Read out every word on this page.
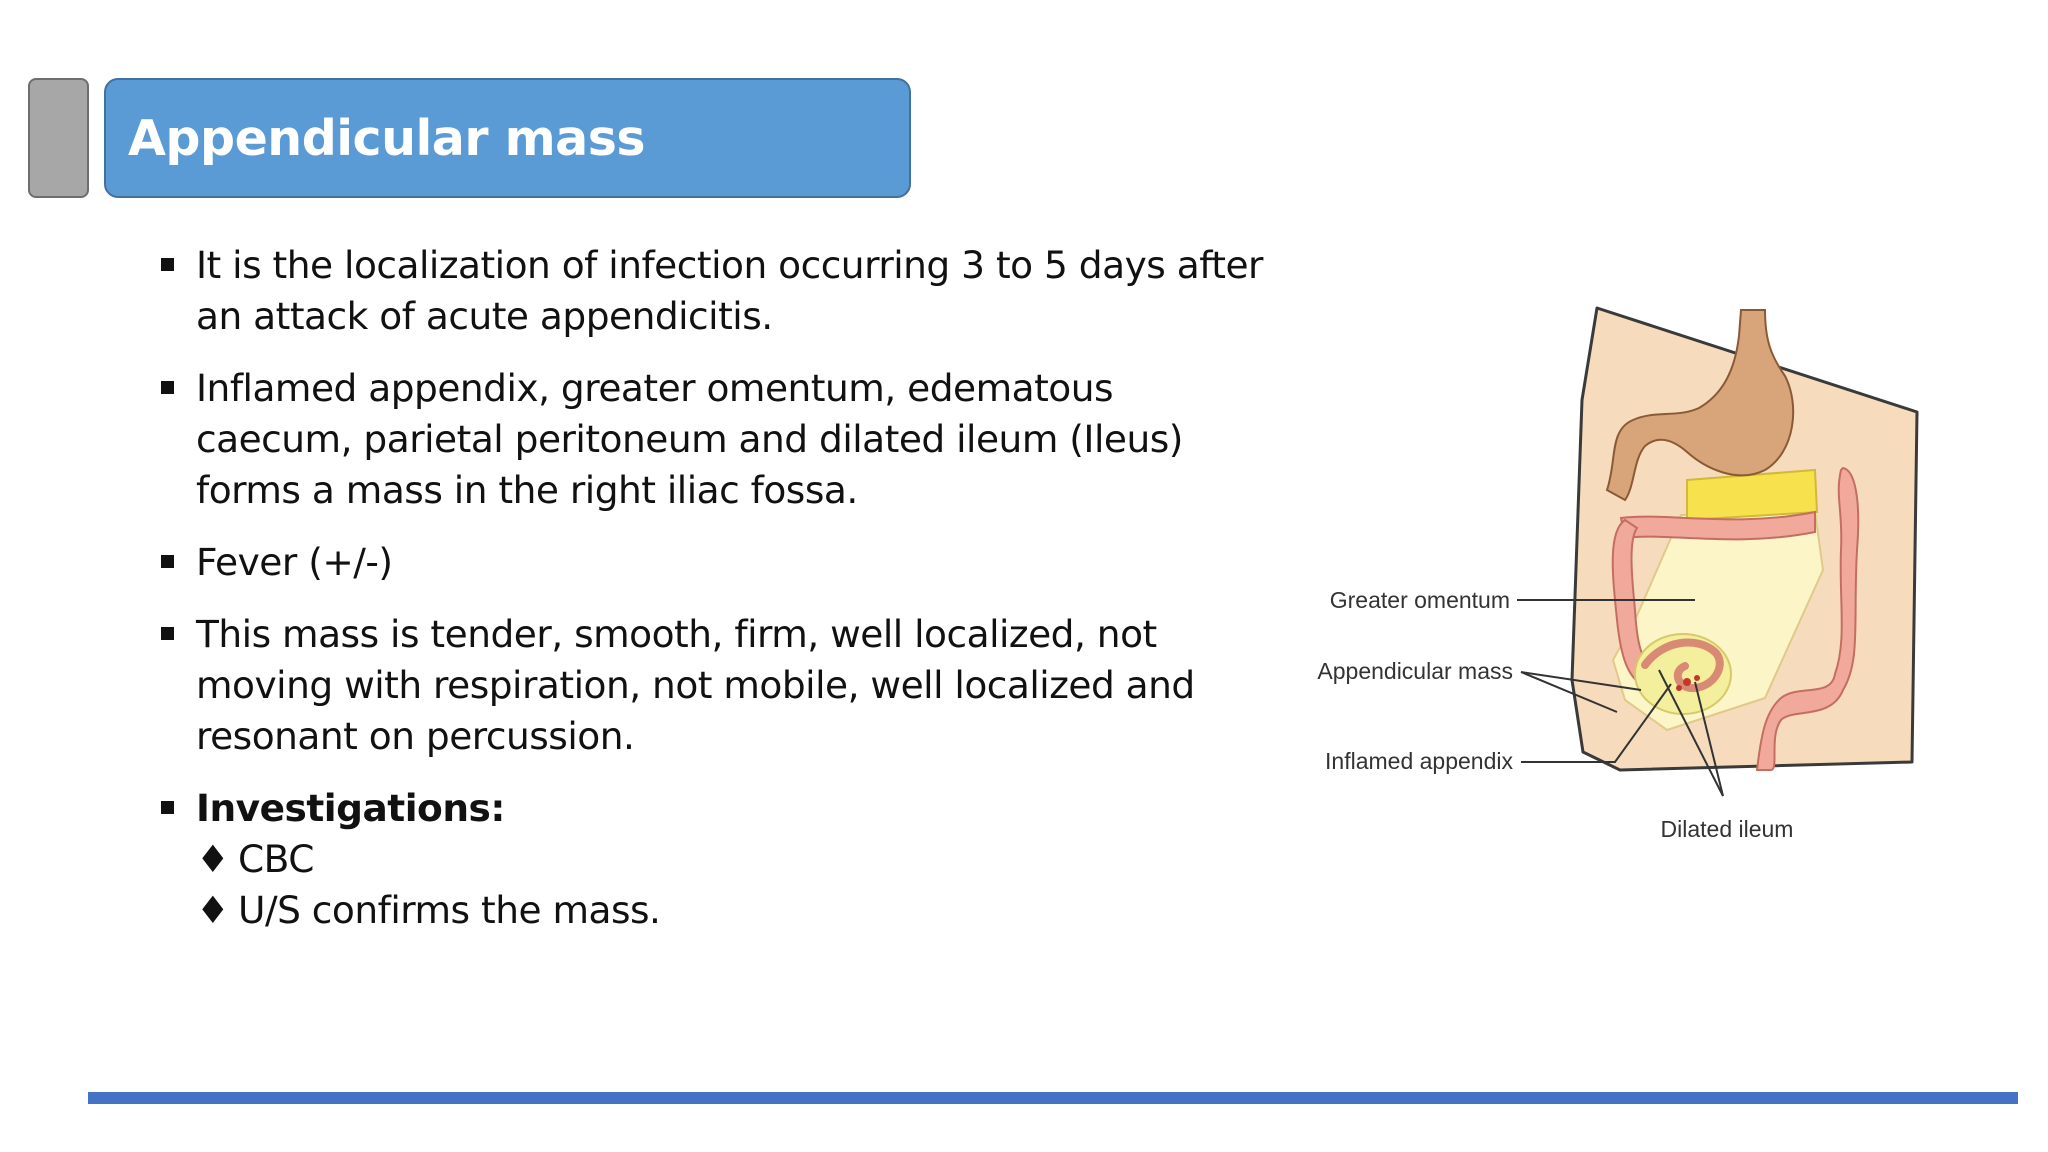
Appendicular mass
It is the localization of infection occurring 3 to 5 days after an attack of acute appendicitis.
Inflamed appendix, greater omentum, edematous caecum, parietal peritoneum and dilated ileum (Ileus) forms a mass in the right iliac fossa.
Fever (+/-)
This mass is tender, smooth, firm, well localized, not moving with respiration, not mobile, well localized and resonant on percussion.
Investigations:
♦ CBC
♦ U/S confirms the mass.
Greater omentum
Appendicular mass
Inflamed appendix
Dilated ileum
